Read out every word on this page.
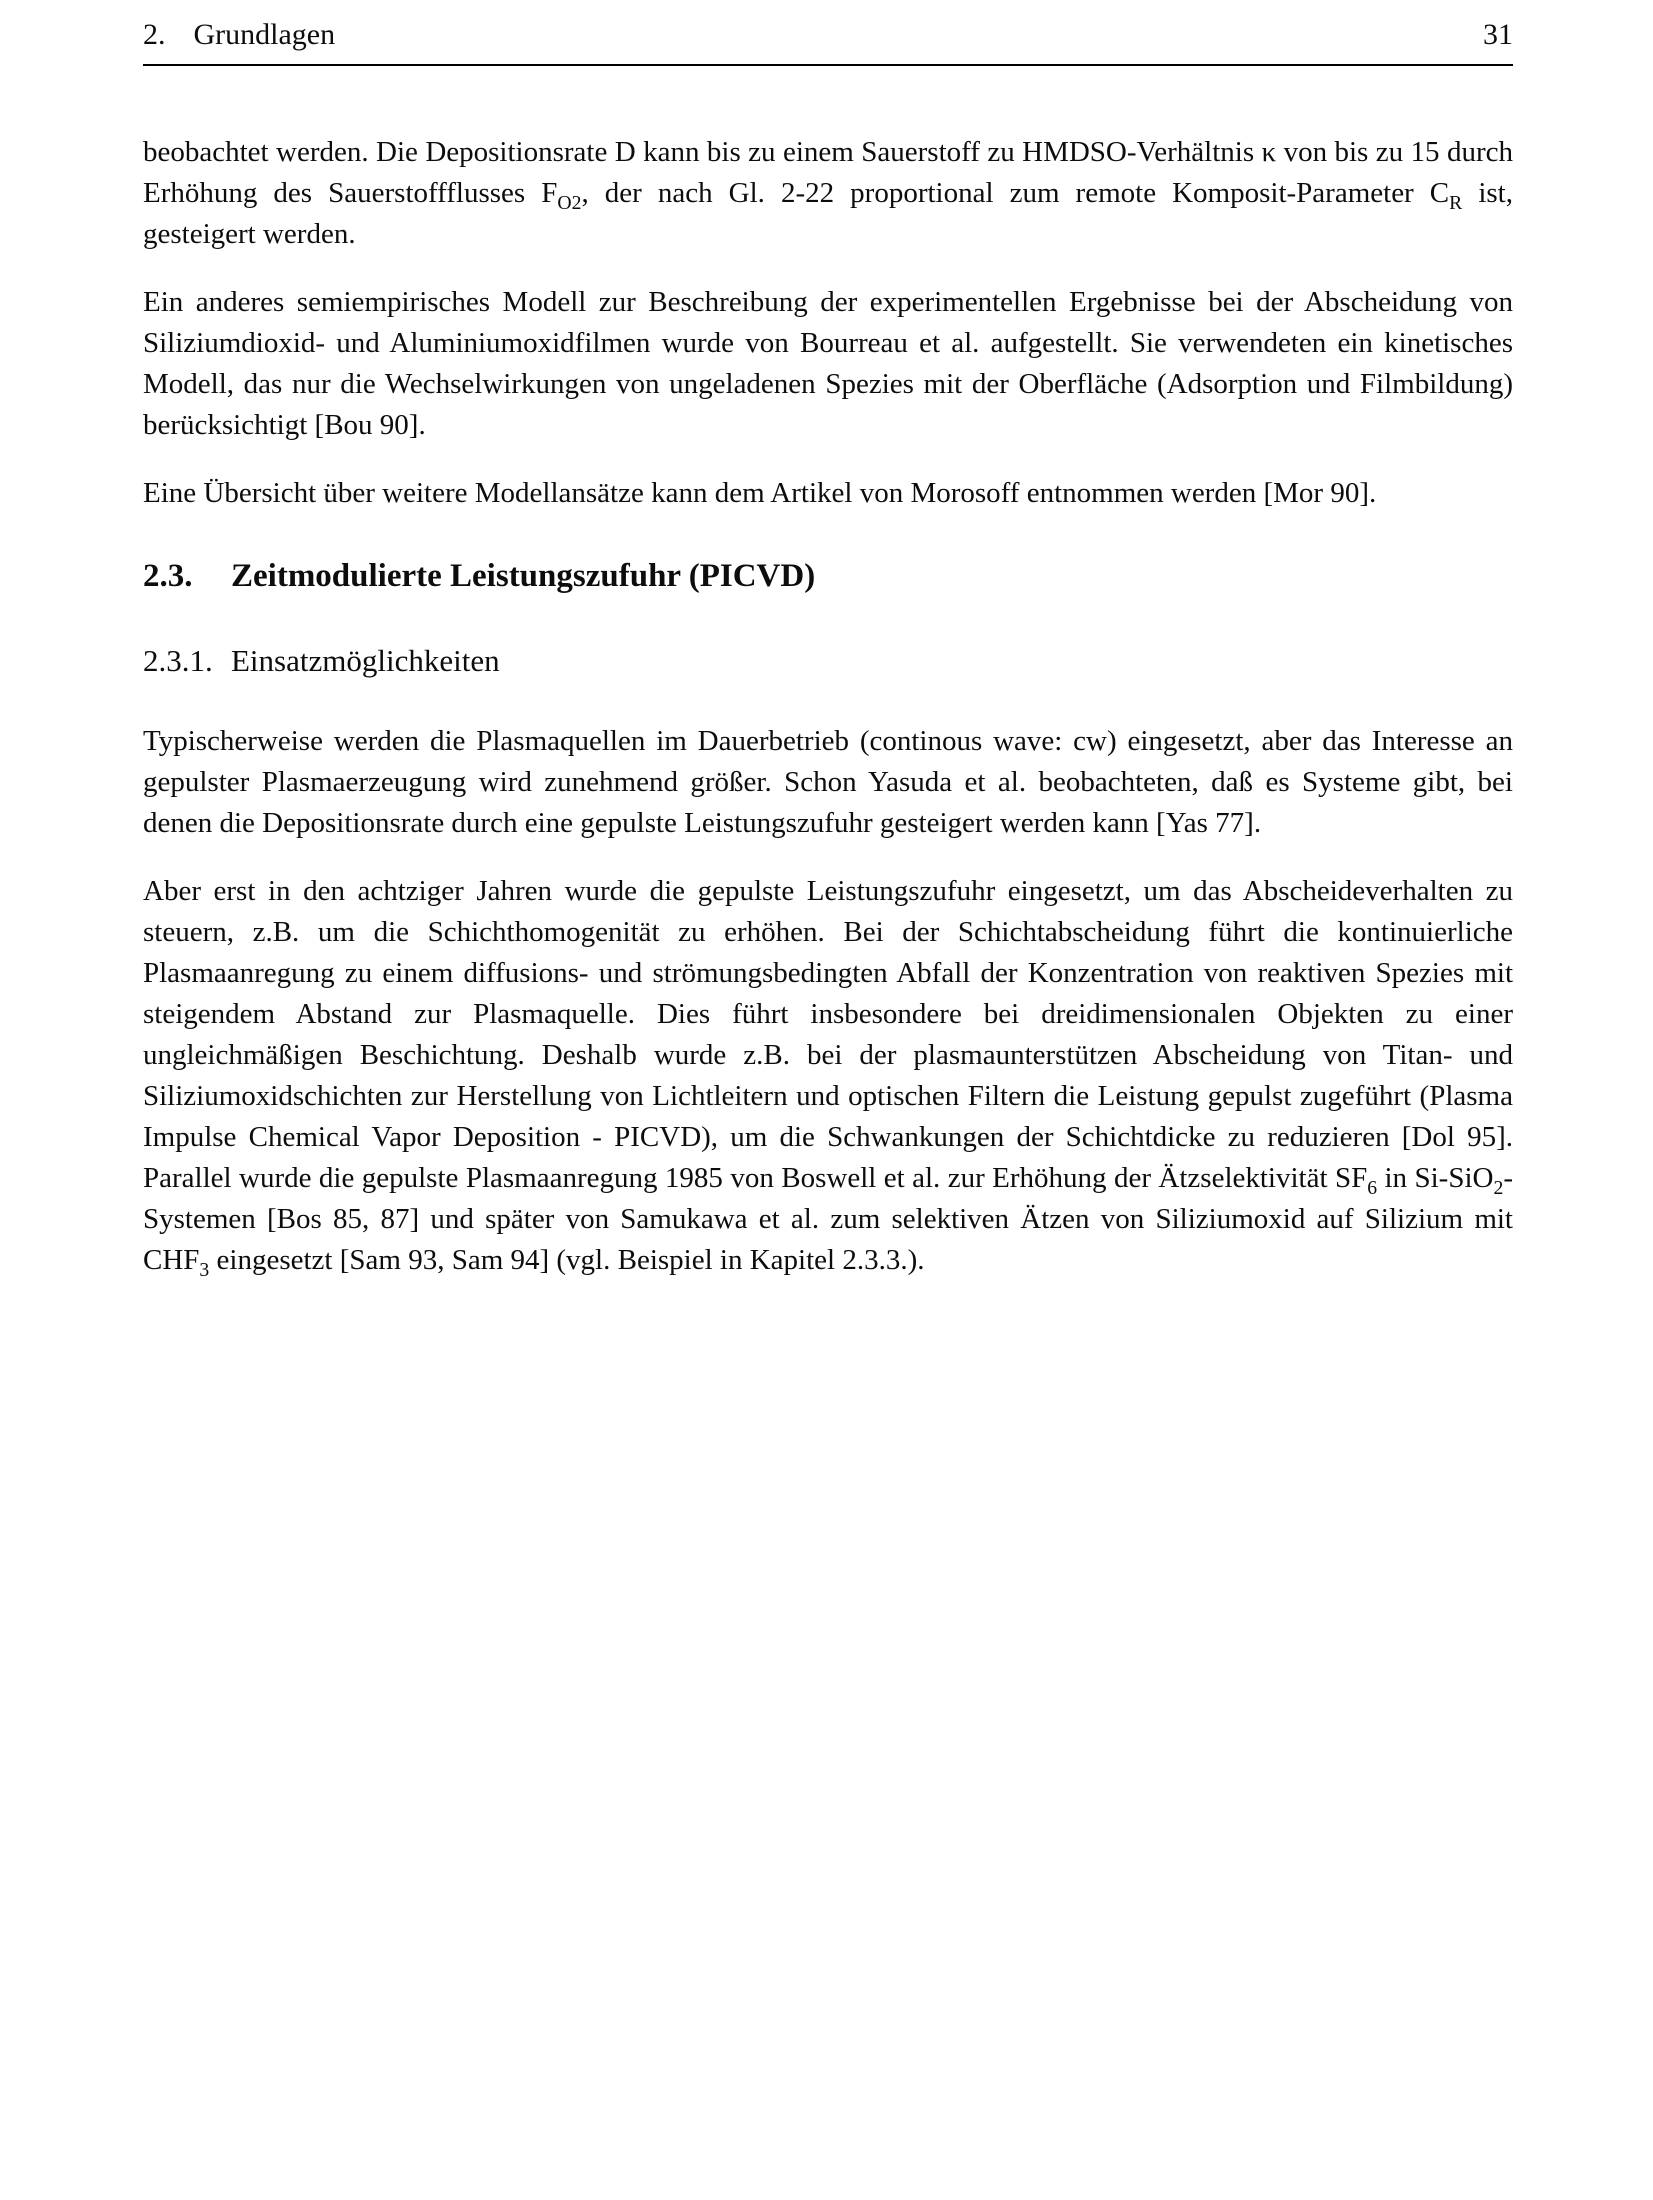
2. Grundlagen	31

beobachtet werden. Die Depositionsrate D kann bis zu einem Sauerstoff zu HMDSO-Verhältnis κ von bis zu 15 durch Erhöhung des Sauerstoffflusses $F_{O2}$, der nach Gl. 2-22 proportional zum remote Komposit-Parameter $C_R$ ist, gesteigert werden.

Ein anderes semiempirisches Modell zur Beschreibung der experimentellen Ergebnisse bei der Abscheidung von Siliziumdioxid- und Aluminiumoxidfilmen wurde von Bourreau et al. aufgestellt. Sie verwendeten ein kinetisches Modell, das nur die Wechselwirkungen von ungeladenen Spezies mit der Oberfläche (Adsorption und Filmbildung) berücksichtigt [Bou 90].

Eine Übersicht über weitere Modellansätze kann dem Artikel von Morosoff entnommen werden [Mor 90].

2.3.	Zeitmodulierte Leistungszufuhr (PICVD)
2.3.1. Einsatzmöglichkeiten

Typischerweise werden die Plasmaquellen im Dauerbetrieb (continous wave: cw) eingesetzt, aber das Interesse an gepulster Plasmaerzeugung wird zunehmend größer. Schon Yasuda et al. beobachteten, daß es Systeme gibt, bei denen die Depositionsrate durch eine gepulste Leistungszufuhr gesteigert werden kann [Yas 77].

Aber erst in den achtziger Jahren wurde die gepulste Leistungszufuhr eingesetzt, um das Abscheideverhalten zu steuern, z.B. um die Schichthomogenität zu erhöhen. Bei der Schichtabscheidung führt die kontinuierliche Plasmaanregung zu einem diffusions- und strömungsbedingten Abfall der Konzentration von reaktiven Spezies mit steigendem Abstand zur Plasmaquelle. Dies führt insbesondere bei dreidimensionalen Objekten zu einer ungleichmäßigen Beschichtung. Deshalb wurde z.B. bei der plasmaunterstützen Abscheidung von Titan- und Siliziumoxidschichten zur Herstellung von Lichtleitern und optischen Filtern die Leistung gepulst zugeführt (Plasma Impulse Chemical Vapor Deposition - PICVD), um die Schwankungen der Schichtdicke zu reduzieren [Dol 95]. Parallel wurde die gepulste Plasmaanregung 1985 von Boswell et al. zur Erhöhung der Ätzselektivität $SF_6$ in Si-SiO$_2$-Systemen [Bos 85, 87] und später von Samukawa et al. zum selektiven Ätzen von Siliziumoxid auf Silizium mit $CHF_3$ eingesetzt [Sam 93, Sam 94] (vgl. Beispiel in Kapitel 2.3.3.).
